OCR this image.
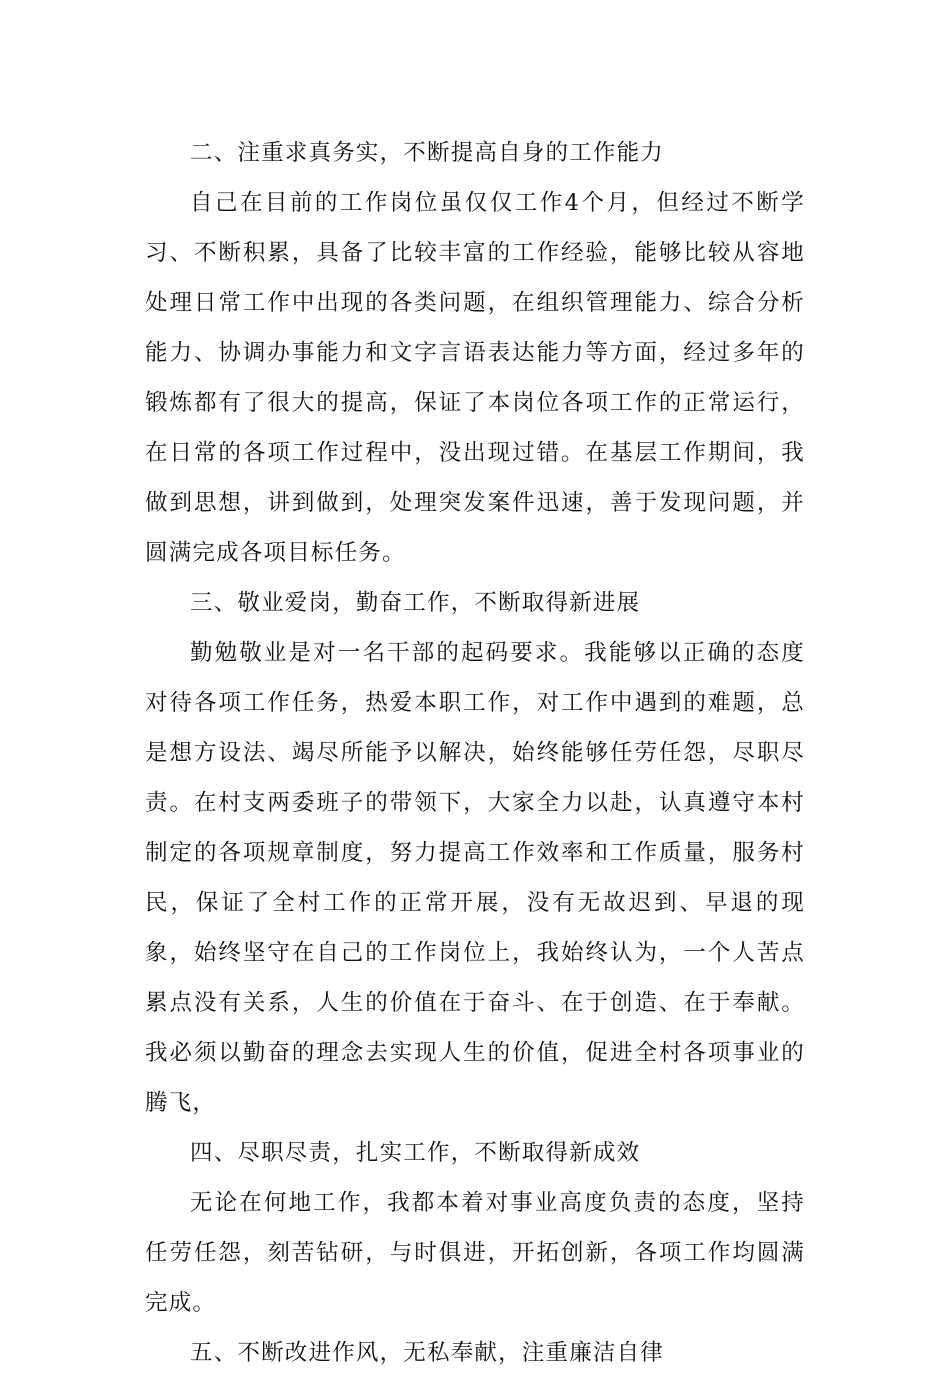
二、注重求真务实，不断提高自身的工作能力

自己在目前的工作岗位虽仅仅工作4个月，但经过不断学习、不断积累，具备了比较丰富的工作经验，能够比较从容地处理日常工作中出现的各类问题，在组织管理能力、综合分析能力、协调办事能力和文字言语表达能力等方面，经过多年的锻炼都有了很大的提高，保证了本岗位各项工作的正常运行，在日常的各项工作过程中，没出现过错。在基层工作期间，我做到思想，讲到做到，处理突发案件迅速，善于发现问题，并圆满完成各项目标任务。

三、敬业爱岗，勤奋工作，不断取得新进展

勤勉敬业是对一名干部的起码要求。我能够以正确的态度对待各项工作任务，热爱本职工作，对工作中遇到的难题，总是想方设法、竭尽所能予以解决，始终能够任劳任怨，尽职尽责。在村支两委班子的带领下，大家全力以赴，认真遵守本村制定的各项规章制度，努力提高工作效率和工作质量，服务村民，保证了全村工作的正常开展，没有无故迟到、早退的现象，始终坚守在自己的工作岗位上，我始终认为，一个人苦点累点没有关系，人生的价值在于奋斗、在于创造、在于奉献。我必须以勤奋的理念去实现人生的价值，促进全村各项事业的腾飞，

四、尽职尽责，扎实工作，不断取得新成效

无论在何地工作，我都本着对事业高度负责的态度，坚持任劳任怨，刻苦钻研，与时俱进，开拓创新，各项工作均圆满完成。

五、不断改进作风，无私奉献，注重廉洁自律
